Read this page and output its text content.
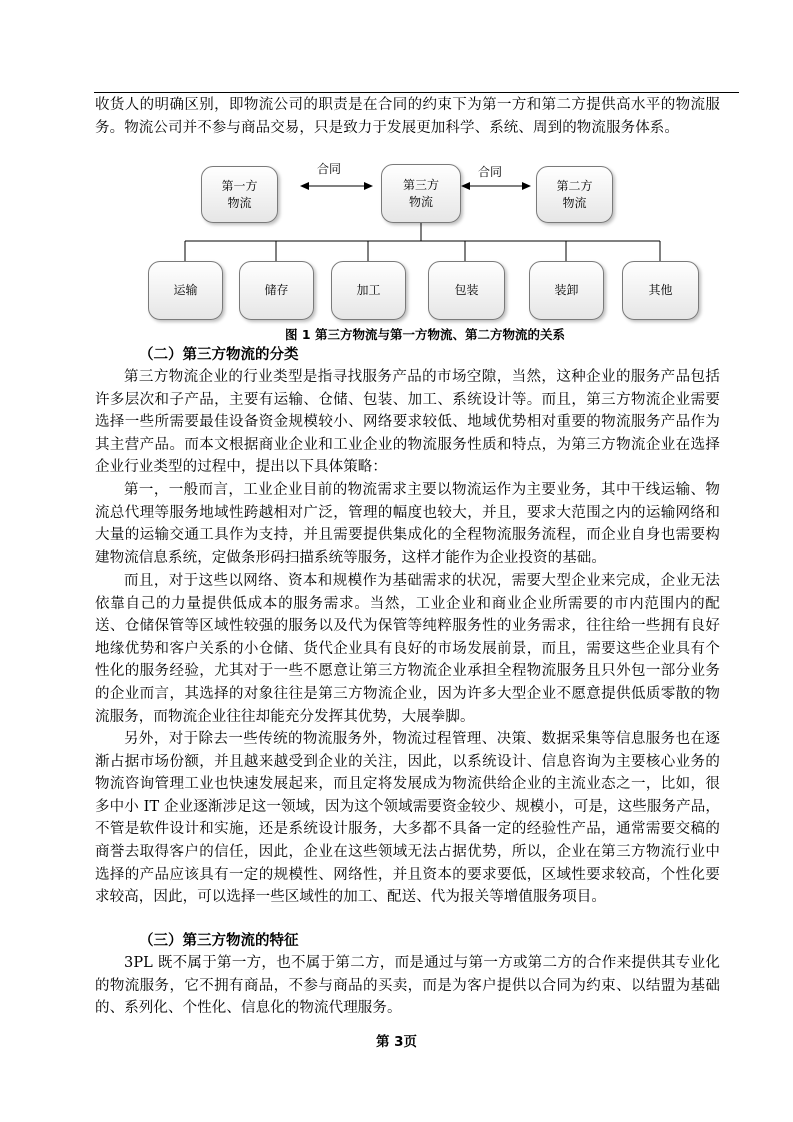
收货人的明确区别，即物流公司的职责是在合同的约束下为第一方和第二方提供高水平的物流服务。物流公司并不参与商品交易，只是致力于发展更加科学、系统、周到的物流服务体系。

第一方物流
第三方物流
第二方物流
合同	合同
运输	储存	加工	包装	装卸	其他
图 1 第三方物流与第一方物流、第二方物流的关系

（二）第三方物流的分类

第三方物流企业的行业类型是指寻找服务产品的市场空隙，当然，这种企业的服务产品包括许多层次和子产品，主要有运输、仓储、包装、加工、系统设计等。而且，第三方物流企业需要选择一些所需要最佳设备资金规模较小、网络要求较低、地域优势相对重要的物流服务产品作为其主营产品。而本文根据商业企业和工业企业的物流服务性质和特点，为第三方物流企业在选择企业行业类型的过程中，提出以下具体策略：

第一，一般而言，工业企业目前的物流需求主要以物流运作为主要业务，其中干线运输、物流总代理等服务地域性跨越相对广泛，管理的幅度也较大，并且，要求大范围之内的运输网络和大量的运输交通工具作为支持，并且需要提供集成化的全程物流服务流程，而企业自身也需要构建物流信息系统，定做条形码扫描系统等服务，这样才能作为企业投资的基础。

而且，对于这些以网络、资本和规模作为基础需求的状况，需要大型企业来完成，企业无法依靠自己的力量提供低成本的服务需求。当然，工业企业和商业企业所需要的市内范围内的配送、仓储保管等区域性较强的服务以及代为保管等纯粹服务性的业务需求，往往给一些拥有良好地缘优势和客户关系的小仓储、货代企业具有良好的市场发展前景，而且，需要这些企业具有个性化的服务经验，尤其对于一些不愿意让第三方物流企业承担全程物流服务且只外包一部分业务的企业而言，其选择的对象往往是第三方物流企业，因为许多大型企业不愿意提供低质零散的物流服务，而物流企业往往却能充分发挥其优势，大展拳脚。

另外，对于除去一些传统的物流服务外，物流过程管理、决策、数据采集等信息服务也在逐渐占据市场份额，并且越来越受到企业的关注，因此，以系统设计、信息咨询为主要核心业务的物流咨询管理工业也快速发展起来，而且定将发展成为物流供给企业的主流业态之一，比如，很多中小 IT 企业逐渐涉足这一领域，因为这个领域需要资金较少、规模小，可是，这些服务产品，不管是软件设计和实施，还是系统设计服务，大多都不具备一定的经验性产品，通常需要交稿的商誉去取得客户的信任，因此，企业在这些领域无法占据优势，所以，企业在第三方物流行业中选择的产品应该具有一定的规模性、网络性，并且资本的要求要低，区域性要求较高，个性化要求较高，因此，可以选择一些区域性的加工、配送、代为报关等增值服务项目。

（三）第三方物流的特征

3PL 既不属于第一方，也不属于第二方，而是通过与第一方或第二方的合作来提供其专业化的物流服务，它不拥有商品，不参与商品的买卖，而是为客户提供以合同为约束、以结盟为基础的、系列化、个性化、信息化的物流代理服务。

第 3页
